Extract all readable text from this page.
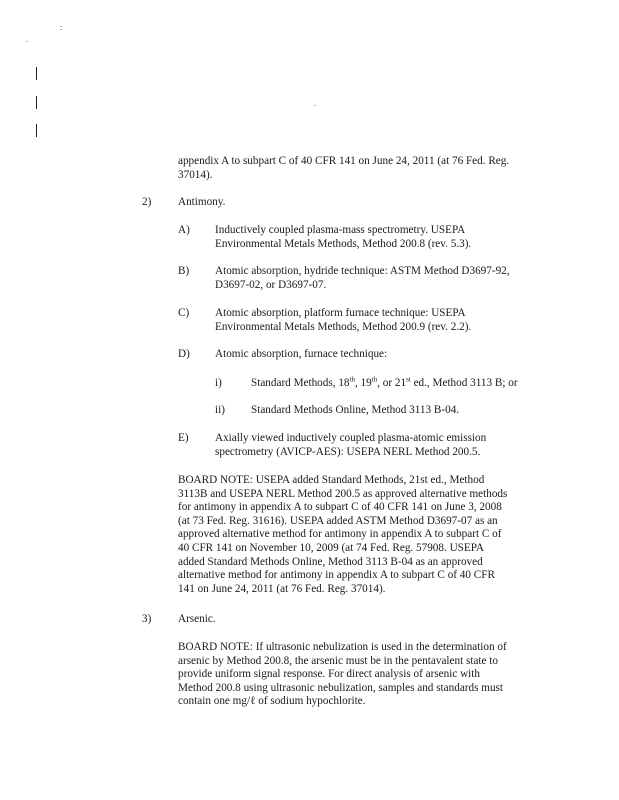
.
:
.
appendix A to subpart C of 40 CFR 141 on June 24, 2011 (at 76 Fed. Reg.
37014).
2) Antimony.
A) Inductively coupled plasma-mass spectrometry. USEPA
Environmental Metals Methods, Method 200.8 (rev. 5.3).
B) Atomic absorption, hydride technique: ASTM Method D3697-92,
D3697-02, or D3697-07.
C) Atomic absorption, platform furnace technique: USEPA
Environmental Metals Methods, Method 200.9 (rev. 2.2).
D) Atomic absorption, furnace technique:
i)	Standard Methods, 18th, 19th, or 21st ed., Method 3113 B; or
ii) Standard Methods Online, Method 3113 B-04.
E) Axially viewed inductively coupled plasma-atomic emission
spectrometry (AVICP-AES): USEPA NERL Method 200.5.
BOARD NOTE: USEPA added Standard Methods, 21st ed., Method
3113B and USEPA NERL Method 200.5 as approved alternative methods
for antimony in appendix A to subpart C of 40 CFR 141 on June 3, 2008
(at 73 Fed. Reg. 31616). USEPA added ASTM Method D3697-07 as an
approved alternative method for antimony in appendix A to subpart C of
40 CFR 141 on November 10, 2009 (at 74 Fed. Reg. 57908. USEPA
added Standard Methods Online, Method 3113 B-04 as an approved
alternative method for antimony in appendix A to subpart C of 40 CFR
141 on June 24, 2011 (at 76 Fed. Reg. 37014).
3) Arsenic.
BOARD NOTE: If ultrasonic nebulization is used in the determination of
arsenic by Method 200.8, the arsenic must be in the pentavalent state to
provide uniform signal response. For direct analysis of arsenic with
Method 200.8 using ultrasonic nebulization, samples and standards must
contain one mg/ℓ of sodium hypochlorite.
